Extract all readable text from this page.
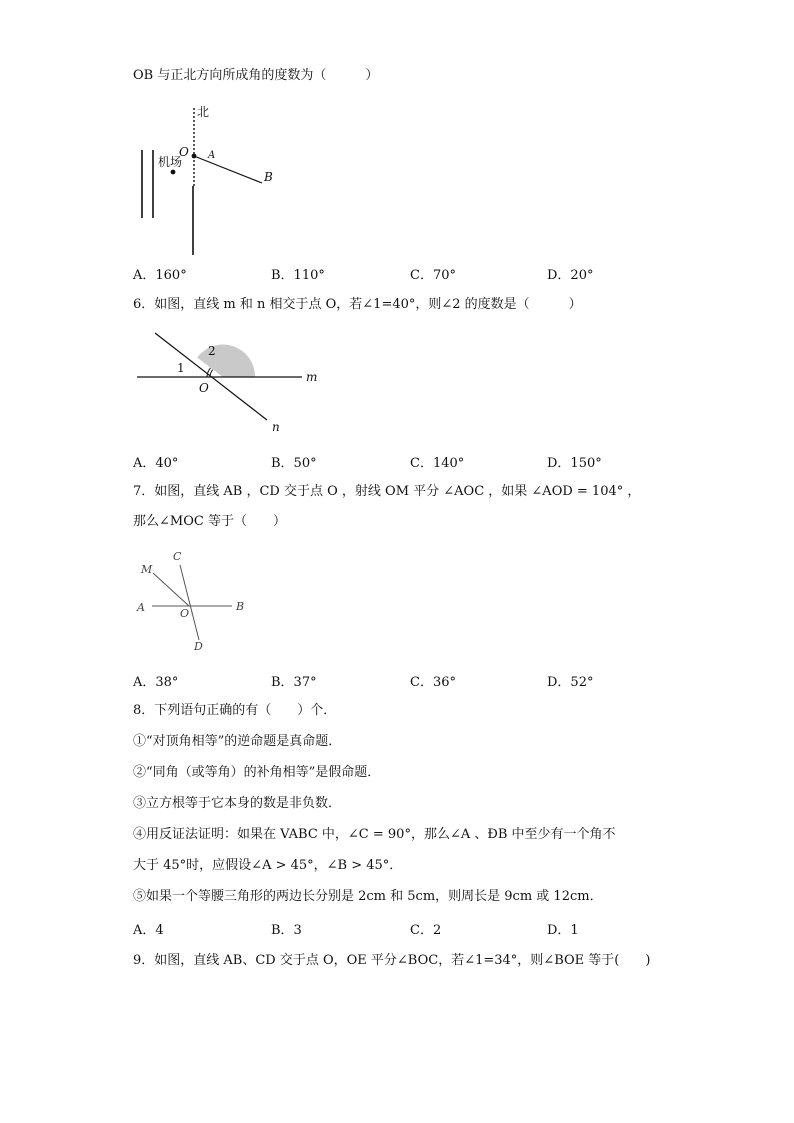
OB 与正北方向所成角的度数为（　　　）
北
O A
B
机场
A．160°	B．110°	C．70°	D．20°
6．如图，直线 m 和 n 相交于点 O，若∠1=40°，则∠2 的度数是（　　　）
1
2
O
m
n
A．40°	B．50°	C．140°	D．150°
7．如图，直线 AB ，CD 交于点 O ，射线 OM 平分 ∠AOC ，如果 ∠AOD = 104° ，
那么∠MOC 等于（　　）
C
M
A	B
O
D
A．38°	B．37°	C．36°	D．52°
8．下列语句正确的有（　　）个．
①“对顶角相等”的逆命题是真命题．
②“同角（或等角）的补角相等”是假命题．
③立方根等于它本身的数是非负数．
④用反证法证明：如果在 VABC 中，∠C = 90°，那么∠A 、ÐB 中至少有一个角不
大于 45°时，应假设∠A > 45°，∠B > 45°．
⑤如果一个等腰三角形的两边长分别是 2cm 和 5cm，则周长是 9cm 或 12cm．
A．4	B．3	C．2	D．1
9．如图，直线 AB、CD 交于点 O，OE 平分∠BOC，若∠1=34°，则∠BOE 等于(　　)
